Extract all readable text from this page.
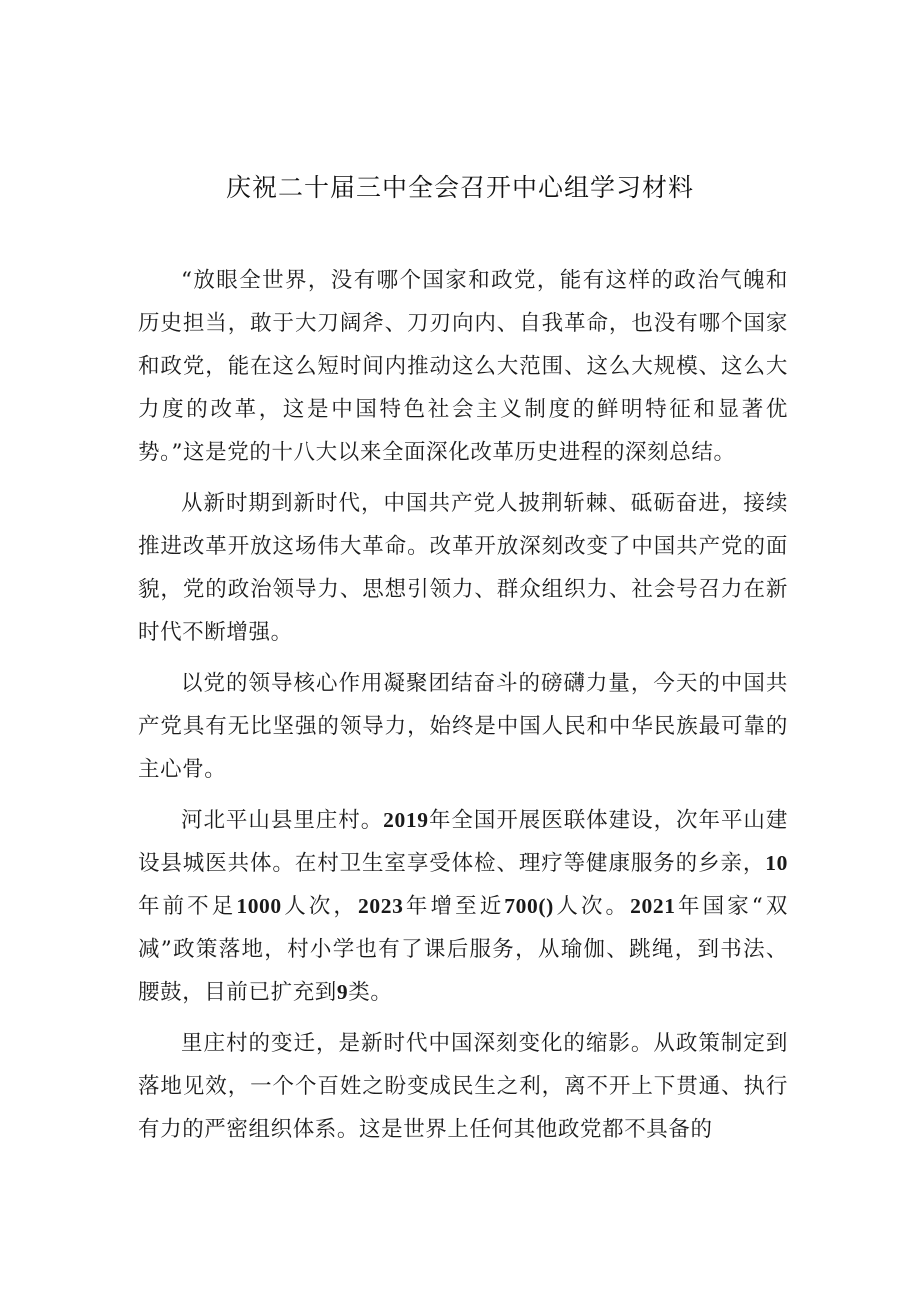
庆祝二十届三中全会召开中心组学习材料

“放眼全世界，没有哪个国家和政党，能有这样的政治气魄和历史担当，敢于大刀阔斧、刀刃向内、自我革命，也没有哪个国家和政党，能在这么短时间内推动这么大范围、这么大规模、这么大力度的改革，这是中国特色社会主义制度的鲜明特征和显著优势。”这是党的十八大以来全面深化改革历史进程的深刻总结。

从新时期到新时代，中国共产党人披荆斩棘、砥砺奋进，接续推进改革开放这场伟大革命。改革开放深刻改变了中国共产党的面貌，党的政治领导力、思想引领力、群众组织力、社会号召力在新时代不断增强。

以党的领导核心作用凝聚团结奋斗的磅礴力量，今天的中国共产党具有无比坚强的领导力，始终是中国人民和中华民族最可靠的主心骨。

河北平山县里庄村。2019年全国开展医联体建设，次年平山建设县城医共体。在村卫生室享受体检、理疗等健康服务的乡亲，10年前不足1000人次，2023年增至近700()人次。2021年国家“双减”政策落地，村小学也有了课后服务，从瑜伽、跳绳，到书法、腰鼓，目前已扩充到9类。

里庄村的变迁，是新时代中国深刻变化的缩影。从政策制定到落地见效，一个个百姓之盼变成民生之利，离不开上下贯通、执行有力的严密组织体系。这是世界上任何其他政党都不具备的
